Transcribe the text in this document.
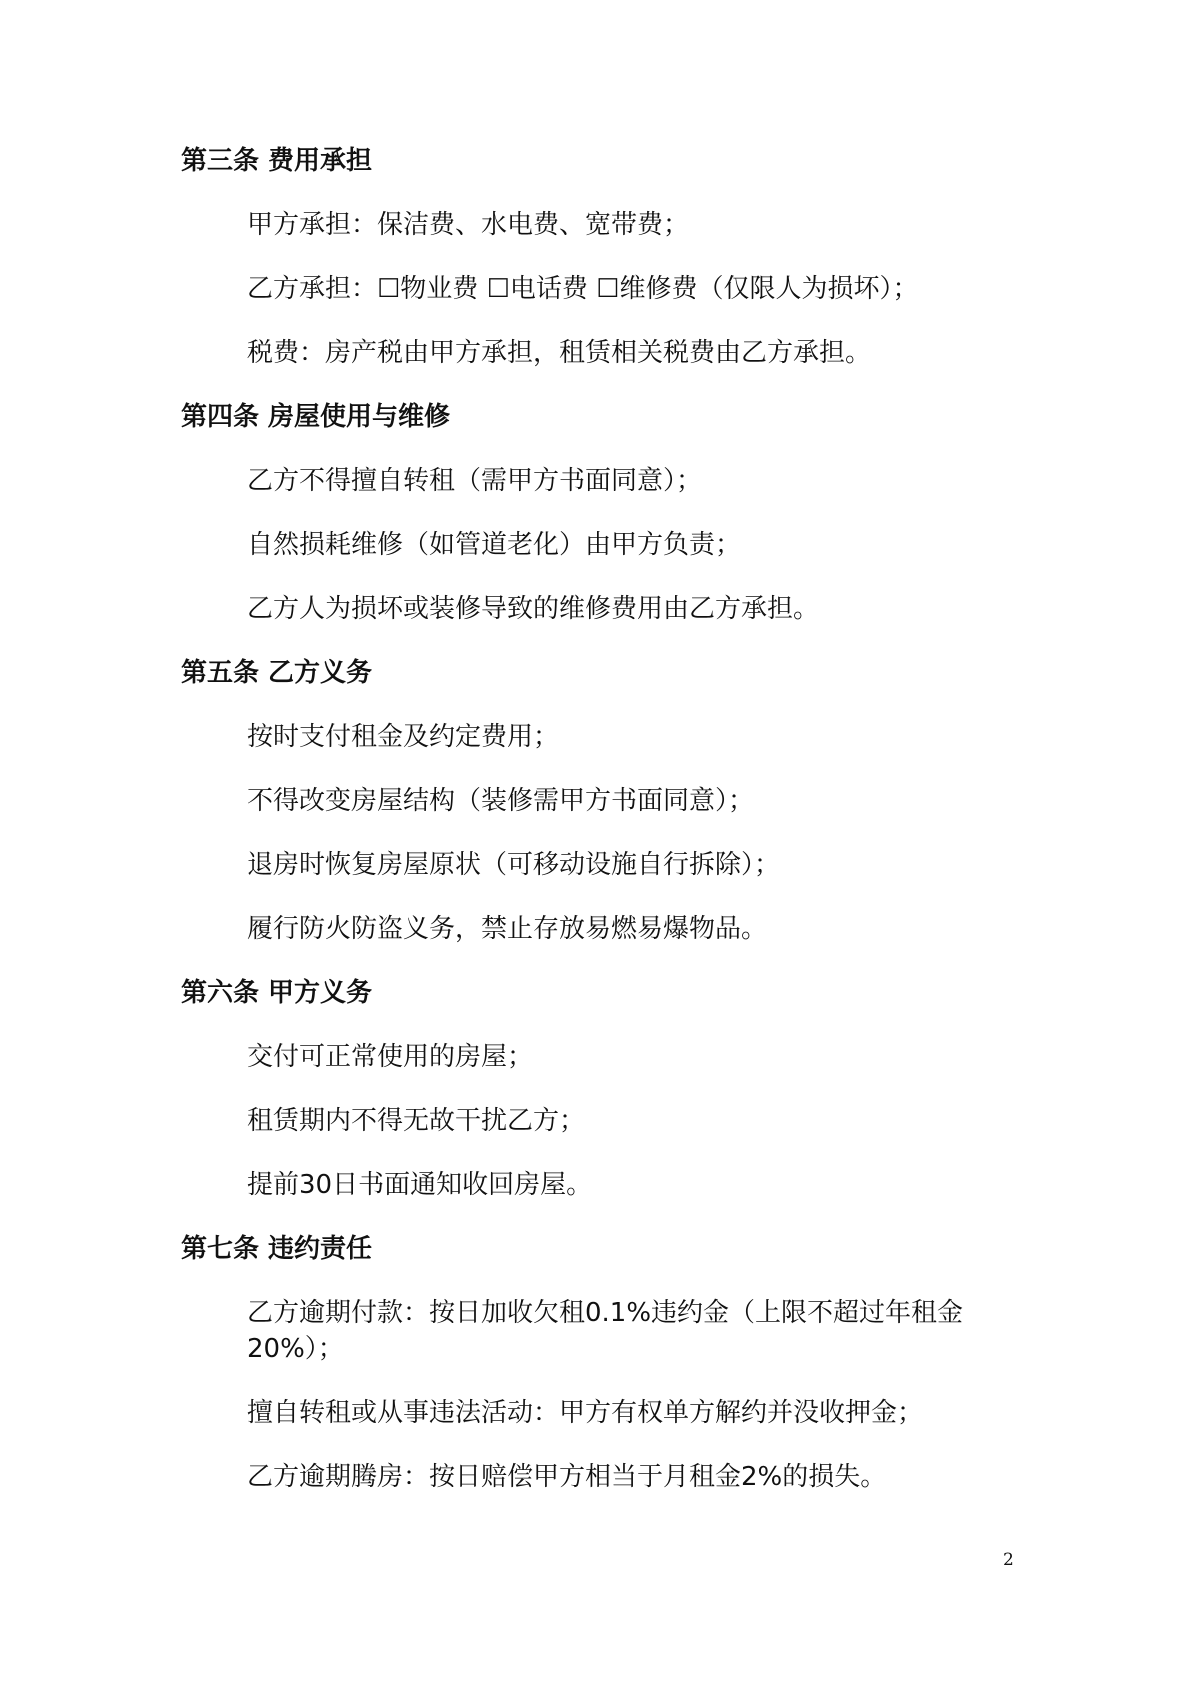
第三条 费用承担
甲方承担：保洁费、水电费、宽带费；
乙方承担：☐物业费 ☐电话费 ☐维修费（仅限人为损坏）；
税费：房产税由甲方承担，租赁相关税费由乙方承担。
第四条 房屋使用与维修
乙方不得擅自转租（需甲方书面同意）；
自然损耗维修（如管道老化）由甲方负责；
乙方人为损坏或装修导致的维修费用由乙方承担。
第五条 乙方义务
按时支付租金及约定费用；
不得改变房屋结构（装修需甲方书面同意）；
退房时恢复房屋原状（可移动设施自行拆除）；
履行防火防盗义务，禁止存放易燃易爆物品。
第六条 甲方义务
交付可正常使用的房屋；
租赁期内不得无故干扰乙方；
提前30日书面通知收回房屋。
第七条 违约责任
乙方逾期付款：按日加收欠租0.1%违约金（上限不超过年租金20%）；
擅自转租或从事违法活动：甲方有权单方解约并没收押金；
乙方逾期腾房：按日赔偿甲方相当于月租金2%的损失。
2
